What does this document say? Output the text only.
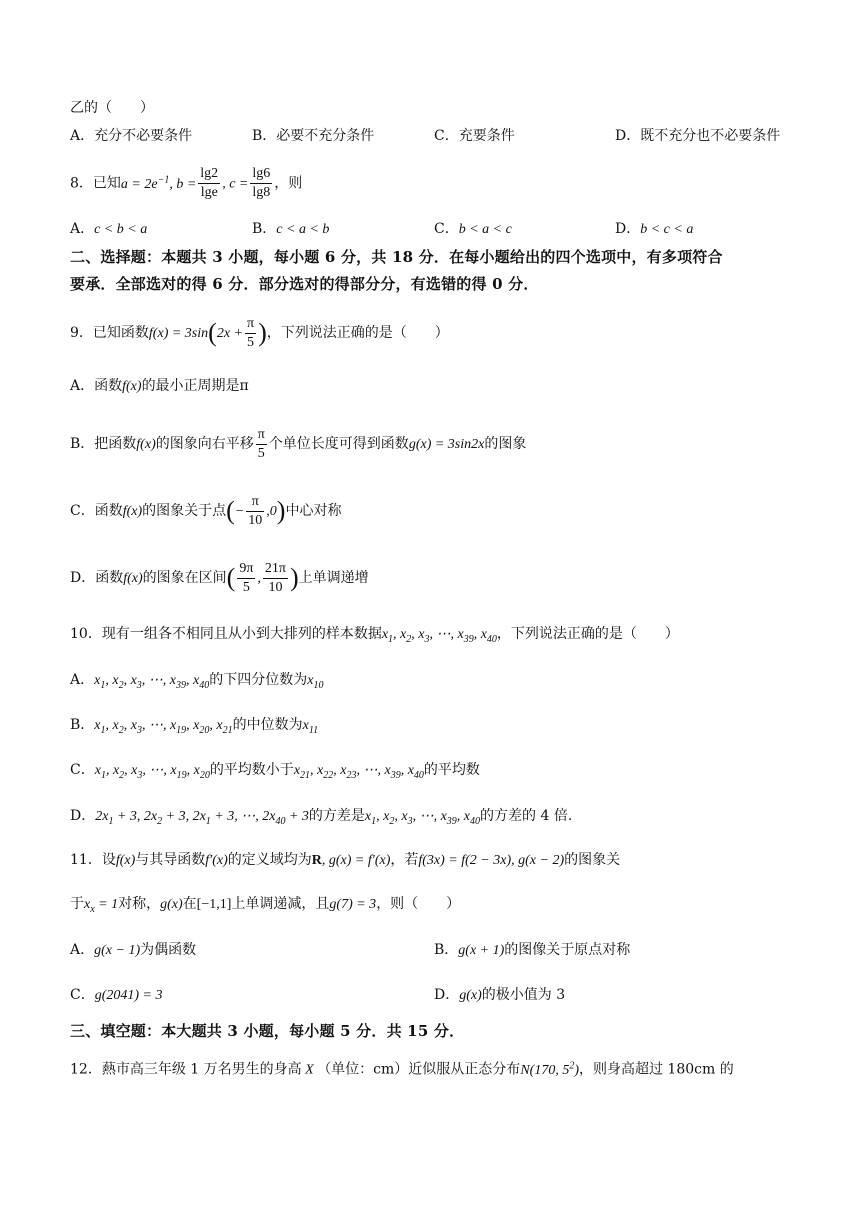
乙的（　　）
A．充分不必要条件	B．必要不充分条件	C．充要条件	D．既不充分也不必要条件
8．已知$a = 2e^{-1}$, $b = \frac{\lg 2}{\lg e}$ , $c = \frac{\lg 6}{\lg 8}$ ，则
A．c < b < a	B．c < a < b	C．b < a < c	D．b < c < a
二、选择题：本题共 3 小题，每小题 6 分，共 18 分．在每小题给出的四个选项中，有多项符合
要承．全部选对的得 6 分．部分选对的得部分分，有选错的得 0 分．
9．已知函数$f(x) = 3\sin(2x + \frac{\pi}{5}$ )，下列说法正确的是（　　）
A．函数f(x)的最小正周期是π
B．把函数f(x)的图象向右平移 $\frac{\pi}{5}$ 个单位长度可得到函数g(x) = 3sin2x的图象
C．函数f(x)的图象关于点(− $\frac{\pi}{10} ,0$)中心对称
D．函数f(x)的图象在区间( $\frac{9\pi}{5}$ , $\frac{21\pi}{10}$ )上单调递增
10．现有一组各不相同且从小到大排列的样本数据$x_1$, $x_2$, $x_3$, ⋯, $x_{39}$, $x_{40}$，下列说法正确的是（　　）
A．$x_1$, $x_2$, $x_3$, ⋯, $x_{39}$, $x_{40}$的下四分位数为$x_{10}$
B．$x_1$, $x_2$, $x_3$, ⋯, $x_{19}$, $x_{20}$, $x_{21}$的中位数为$x_{11}$
C．$x_1$, $x_2$, $x_3$, ⋯, $x_{19}$, $x_{20}$的平均数小于$x_{21}$, $x_{22}$, $x_{23}$, ⋯, $x_{39}$, $x_{40}$的平均数
D．$2x_1 + 3$, $2x_2 + 3$, $2x_1 + 3$, ⋯, $2x_{40} + 3$的方差是$x_1$, $x_2$, $x_3$, ⋯, $x_{39}$, $x_{40}$的方差的 4 倍.
11．设f(x)与其导函数f′(x)的定义域均为R, g(x) = f′(x)，若f(3x) = f(2 − 3x), g(x − 2)的图象关
于$x_x = 1$对称，g(x)在[−1,1]上单调递减，且g(7) = 3，则（　　）
A．g(x − 1)为偶函数	B．g(x + 1)的图像关于原点对称
C．g(2041) = 3	D．g(x)的极小值为 3
三、填空题：本大题共 3 小题，每小题 5 分．共 15 分．
12．爇市高三年级 1 万名男生的身高 X （单位：cm）近似服从正态分布N(170, $5^2$)，则身高超过 180cm 的
